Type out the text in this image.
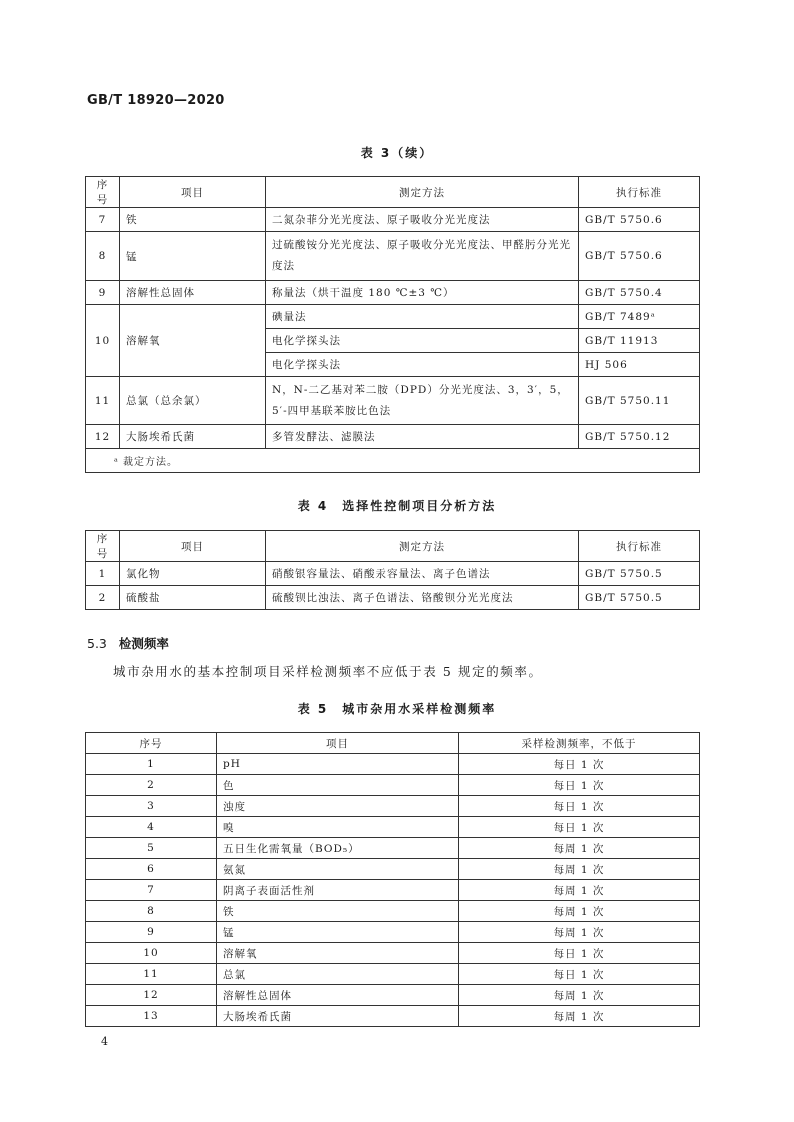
GB/T 18920—2020
表 3（续）
序号	项目	测定方法	执行标准
7	铁	二氮杂菲分光光度法、原子吸收分光光度法	GB/T 5750.6
8	锰	过硫酸铵分光光度法、原子吸收分光光度法、甲醛肟分光光度法	GB/T 5750.6
9	溶解性总固体	称量法（烘干温度 180 ℃±3 ℃）	GB/T 5750.4
10	溶解氧	碘量法	GB/T 7489ᵃ
		电化学探头法	GB/T 11913
		电化学探头法	HJ 506
11	总氯（总余氯）	N，N-二乙基对苯二胺（DPD）分光光度法、3，3′，5，5′-四甲基联苯胺比色法	GB/T 5750.11
12	大肠埃希氏菌	多管发酵法、滤膜法	GB/T 5750.12
ᵃ 裁定方法。			
表 4　选择性控制项目分析方法
序号	项目	测定方法	执行标准
1	氯化物	硝酸银容量法、硝酸汞容量法、离子色谱法	GB/T 5750.5
2	硫酸盐	硫酸钡比浊法、离子色谱法、铬酸钡分光光度法	GB/T 5750.5
5.3 检测频率
城市杂用水的基本控制项目采样检测频率不应低于表 5 规定的频率。
表 5　城市杂用水采样检测频率
序号	项目	采样检测频率，不低于
1	pH	每日 1 次
2	色	每日 1 次
3	浊度	每日 1 次
4	嗅	每日 1 次
5	五日生化需氧量（BOD₅）	每周 1 次
6	氨氮	每周 1 次
7	阴离子表面活性剂	每周 1 次
8	铁	每周 1 次
9	锰	每周 1 次
10	溶解氧	每日 1 次
11	总氯	每日 1 次
12	溶解性总固体	每周 1 次
13	大肠埃希氏菌	每周 1 次
4
